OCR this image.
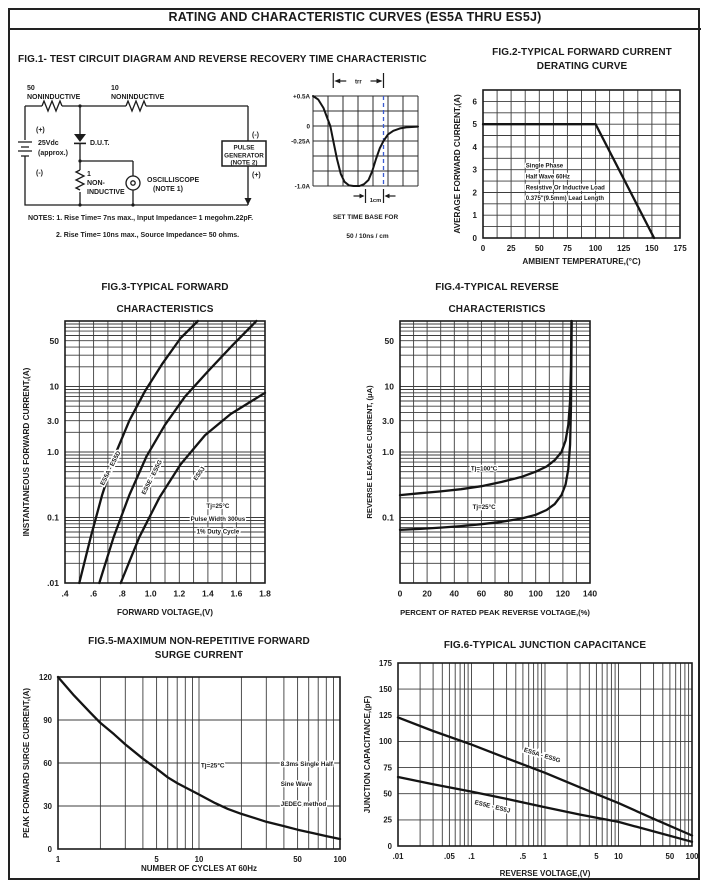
RATING AND CHARACTERISTIC CURVES (ES5A THRU ES5J)
FIG.1- TEST CIRCUIT DIAGRAM AND REVERSE RECOVERY TIME CHARACTERISTIC
50
NONINDUCTIVE
10
NONINDUCTIVE
(+)
25Vdc
(approx.)
(-)
D.U.T.
1
NON-
INDUCTIVE
OSCILLISCOPE
(NOTE 1)
PULSE
GENERATOR
(NOTE 2)
(-)
(+)
NOTES: 1. Rise Time= 7ns max., Input Impedance= 1 megohm.22pF.
2. Rise Time= 10ns max., Source Impedance= 50 ohms.
+0.5A
0
-0.25A
-1.0A
trr
1cm
SET TIME BASE FOR
50 / 10ns / cm
FIG.2-TYPICAL FORWARD CURRENT
DERATING CURVE
0	25 50 75 100 125 150 175
0
1
2
3
4
5
6
Single Phase
Half Wave 60Hz
Resistive Or Inductive Load
0.375"(9.5mm) Lead Length
AMBIENT TEMPERATURE,(°C)
AVERAGE FORWARD CURRENT,(A)
FIG.3-TYPICAL FORWARD
CHARACTERISTICS
.4	.6	.8 1.0 1.2 1.4 1.6 1.8
50
10
3.0
1.0
0.1
.01
ES5A - ES5D	ES5E - ES5G	ES5J
Tj=25°C
Pulse Width 300us
1% Duty Cycle
FORWARD VOLTAGE,(V)
INSTANTANEOUS FORWARD CURRENT,(A)
FIG.4-TYPICAL REVERSE
CHARACTERISTICS
0 20 40 60 80 100 120 140
50
10
3.0
1.0
0.1
Tj=100°C
Tj=25°C
PERCENT OF RATED PEAK REVERSE VOLTAGE,(%)
REVERSE LEAKAGE CURRENT, (μA)
FIG.5-MAXIMUM NON-REPETITIVE FORWARD
SURGE CURRENT
1	5	10	50	100
0
30
60
90
120
Tj=25°C	8.3ms Single Half
Sine Wave
JEDEC method
NUMBER OF CYCLES AT 60Hz
PEAK FORWARD SURGE CURRENT,(A)
FIG.6-TYPICAL JUNCTION CAPACITANCE
.01	.05 .1	.5 1	5 10	50 100
0
25
50
75
100
125
150
175
ES5A - ES5G
ES5E - ES5J
REVERSE VOLTAGE,(V)
JUNCTION CAPACITANCE,(pF)
